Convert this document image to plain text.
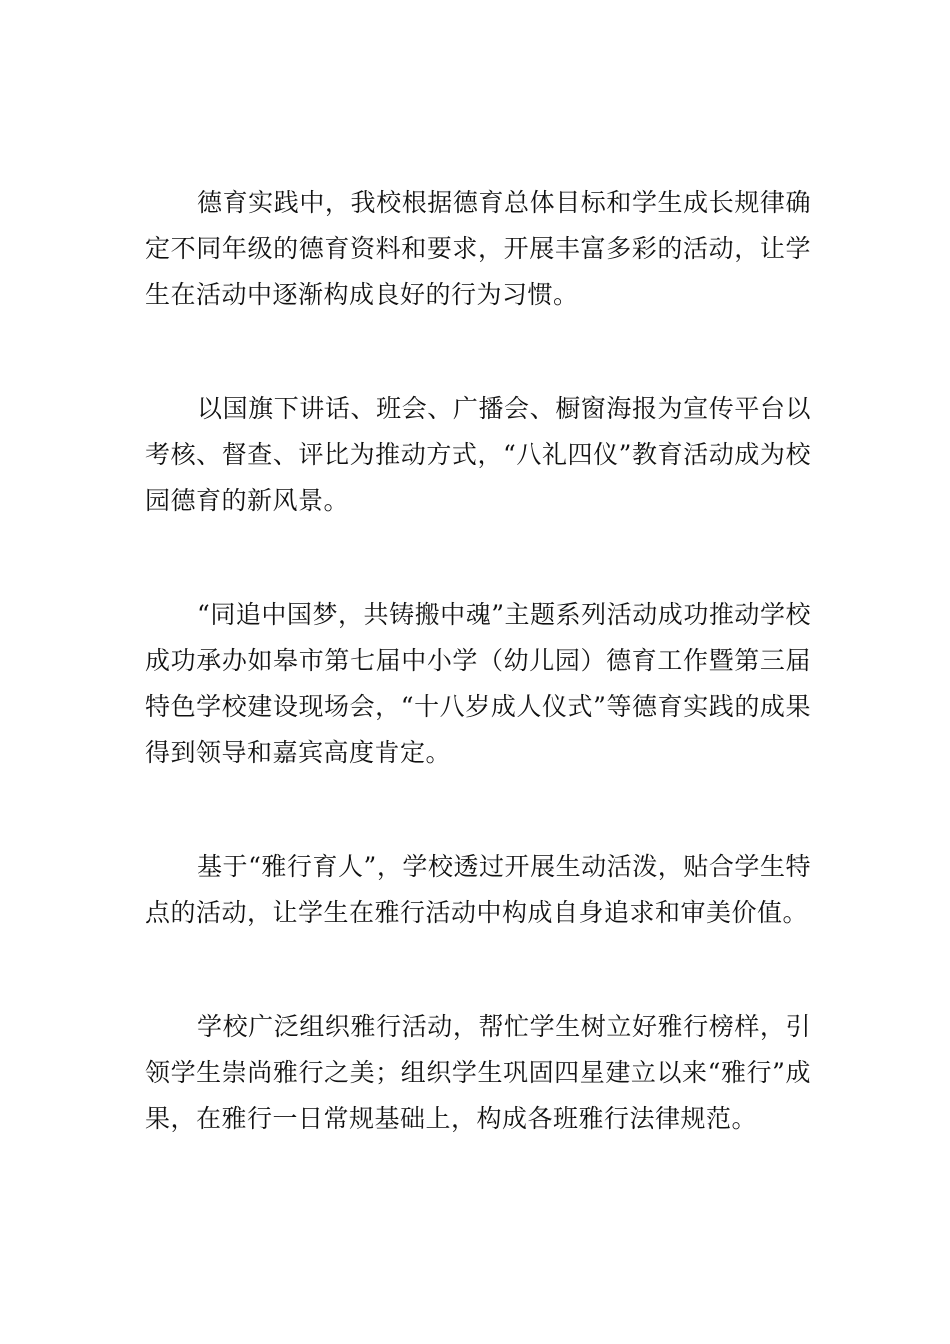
德育实践中，我校根据德育总体目标和学生成长规律确定不同年级的德育资料和要求，开展丰富多彩的活动，让学生在活动中逐渐构成良好的行为习惯。

以国旗下讲话、班会、广播会、橱窗海报为宣传平台以考核、督查、评比为推动方式，“八礼四仪”教育活动成为校园德育的新风景。

“同追中国梦，共铸搬中魂”主题系列活动成功推动学校成功承办如皋市第七届中小学（幼儿园）德育工作暨第三届特色学校建设现场会，“十八岁成人仪式”等德育实践的成果得到领导和嘉宾高度肯定。

基于“雅行育人”，学校透过开展生动活泼，贴合学生特点的活动，让学生在雅行活动中构成自身追求和审美价值。

学校广泛组织雅行活动，帮忙学生树立好雅行榜样，引领学生崇尚雅行之美；组织学生巩固四星建立以来“雅行”成果，在雅行一日常规基础上，构成各班雅行法律规范。
